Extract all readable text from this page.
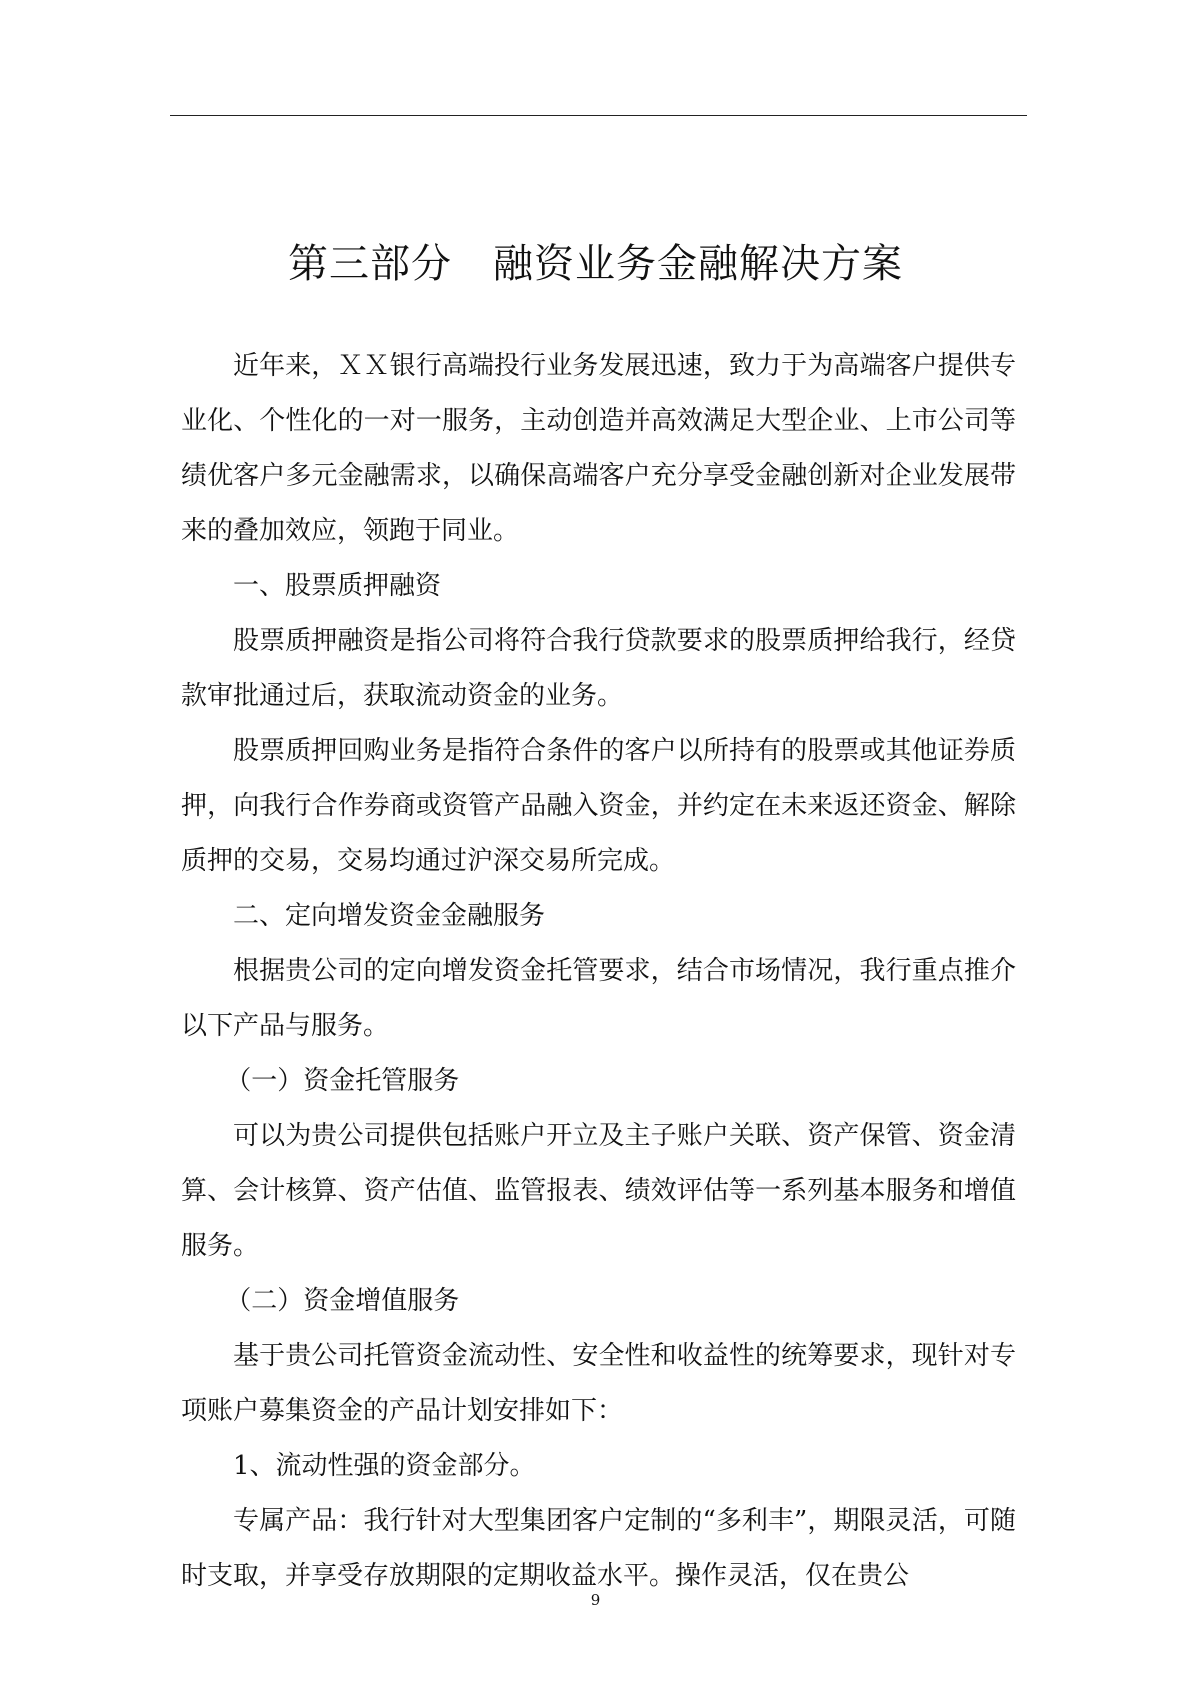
第三部分　融资业务金融解决方案

近年来，ＸＸ银行高端投行业务发展迅速，致力于为高端客户提供专业化、个性化的一对一服务，主动创造并高效满足大型企业、上市公司等绩优客户多元金融需求，以确保高端客户充分享受金融创新对企业发展带来的叠加效应，领跑于同业。

一、股票质押融资

股票质押融资是指公司将符合我行贷款要求的股票质押给我行，经贷款审批通过后，获取流动资金的业务。

股票质押回购业务是指符合条件的客户以所持有的股票或其他证券质押，向我行合作券商或资管产品融入资金，并约定在未来返还资金、解除质押的交易，交易均通过沪深交易所完成。

二、定向增发资金金融服务

根据贵公司的定向增发资金托管要求，结合市场情况，我行重点推介以下产品与服务。

（一）资金托管服务

可以为贵公司提供包括账户开立及主子账户关联、资产保管、资金清算、会计核算、资产估值、监管报表、绩效评估等一系列基本服务和增值服务。

（二）资金增值服务

基于贵公司托管资金流动性、安全性和收益性的统筹要求，现针对专项账户募集资金的产品计划安排如下：

1、流动性强的资金部分。

专属产品：我行针对大型集团客户定制的“多利丰”，期限灵活，可随时支取，并享受存放期限的定期收益水平。操作灵活，仅在贵公

9
